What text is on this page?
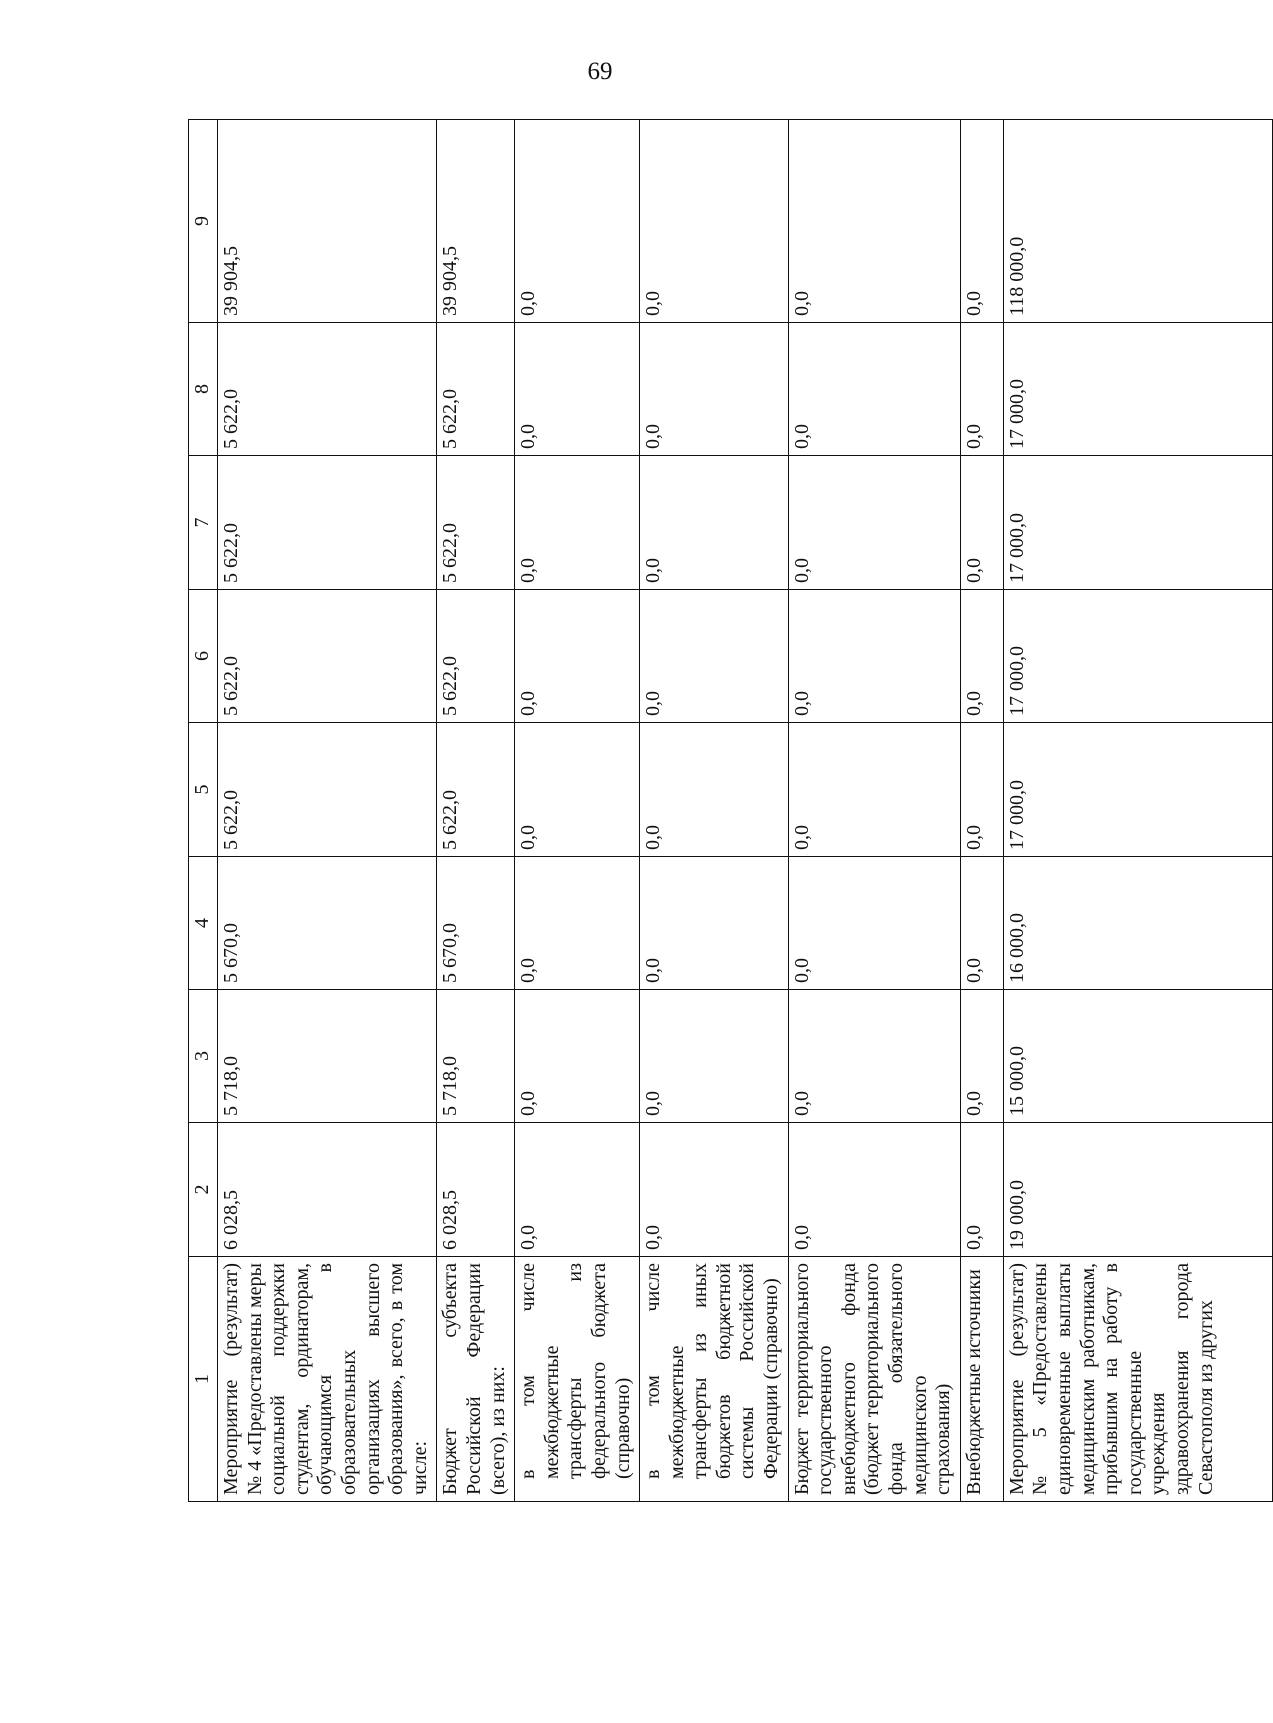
69
1	2	3	4	5	6	7	8	9
Мероприятие (результат) № 4 «Предоставлены меры социальной поддержки студентам, ординаторам, обучающимся в образовательных организациях высшего образования», всего, в том числе:	6 028,5	5 718,0	5 670,0	5 622,0	5 622,0	5 622,0	5 622,0	39 904,5
Бюджет субъекта Российской Федерации (всего), из них:	6 028,5	5 718,0	5 670,0	5 622,0	5 622,0	5 622,0	5 622,0	39 904,5
в том числе межбюджетные трансферты из федерального бюджета (справочно)	0,0	0,0	0,0	0,0	0,0	0,0	0,0	0,0
в том числе межбюджетные трансферты из иных бюджетов бюджетной системы Российской Федерации (справочно)	0,0	0,0	0,0	0,0	0,0	0,0	0,0	0,0
Бюджет территориального государственного внебюджетного фонда (бюджет территориального фонда обязательного медицинского страхования)	0,0	0,0	0,0	0,0	0,0	0,0	0,0	0,0
Внебюджетные источники	0,0	0,0	0,0	0,0	0,0	0,0	0,0	0,0
Мероприятие (результат) № 5 «Предоставлены единовременные выплаты медицинским работникам, прибывшим на работу в государственные учреждения здравоохранения города Севастополя из других	19 000,0	15 000,0	16 000,0	17 000,0	17 000,0	17 000,0	17 000,0	118 000,0
